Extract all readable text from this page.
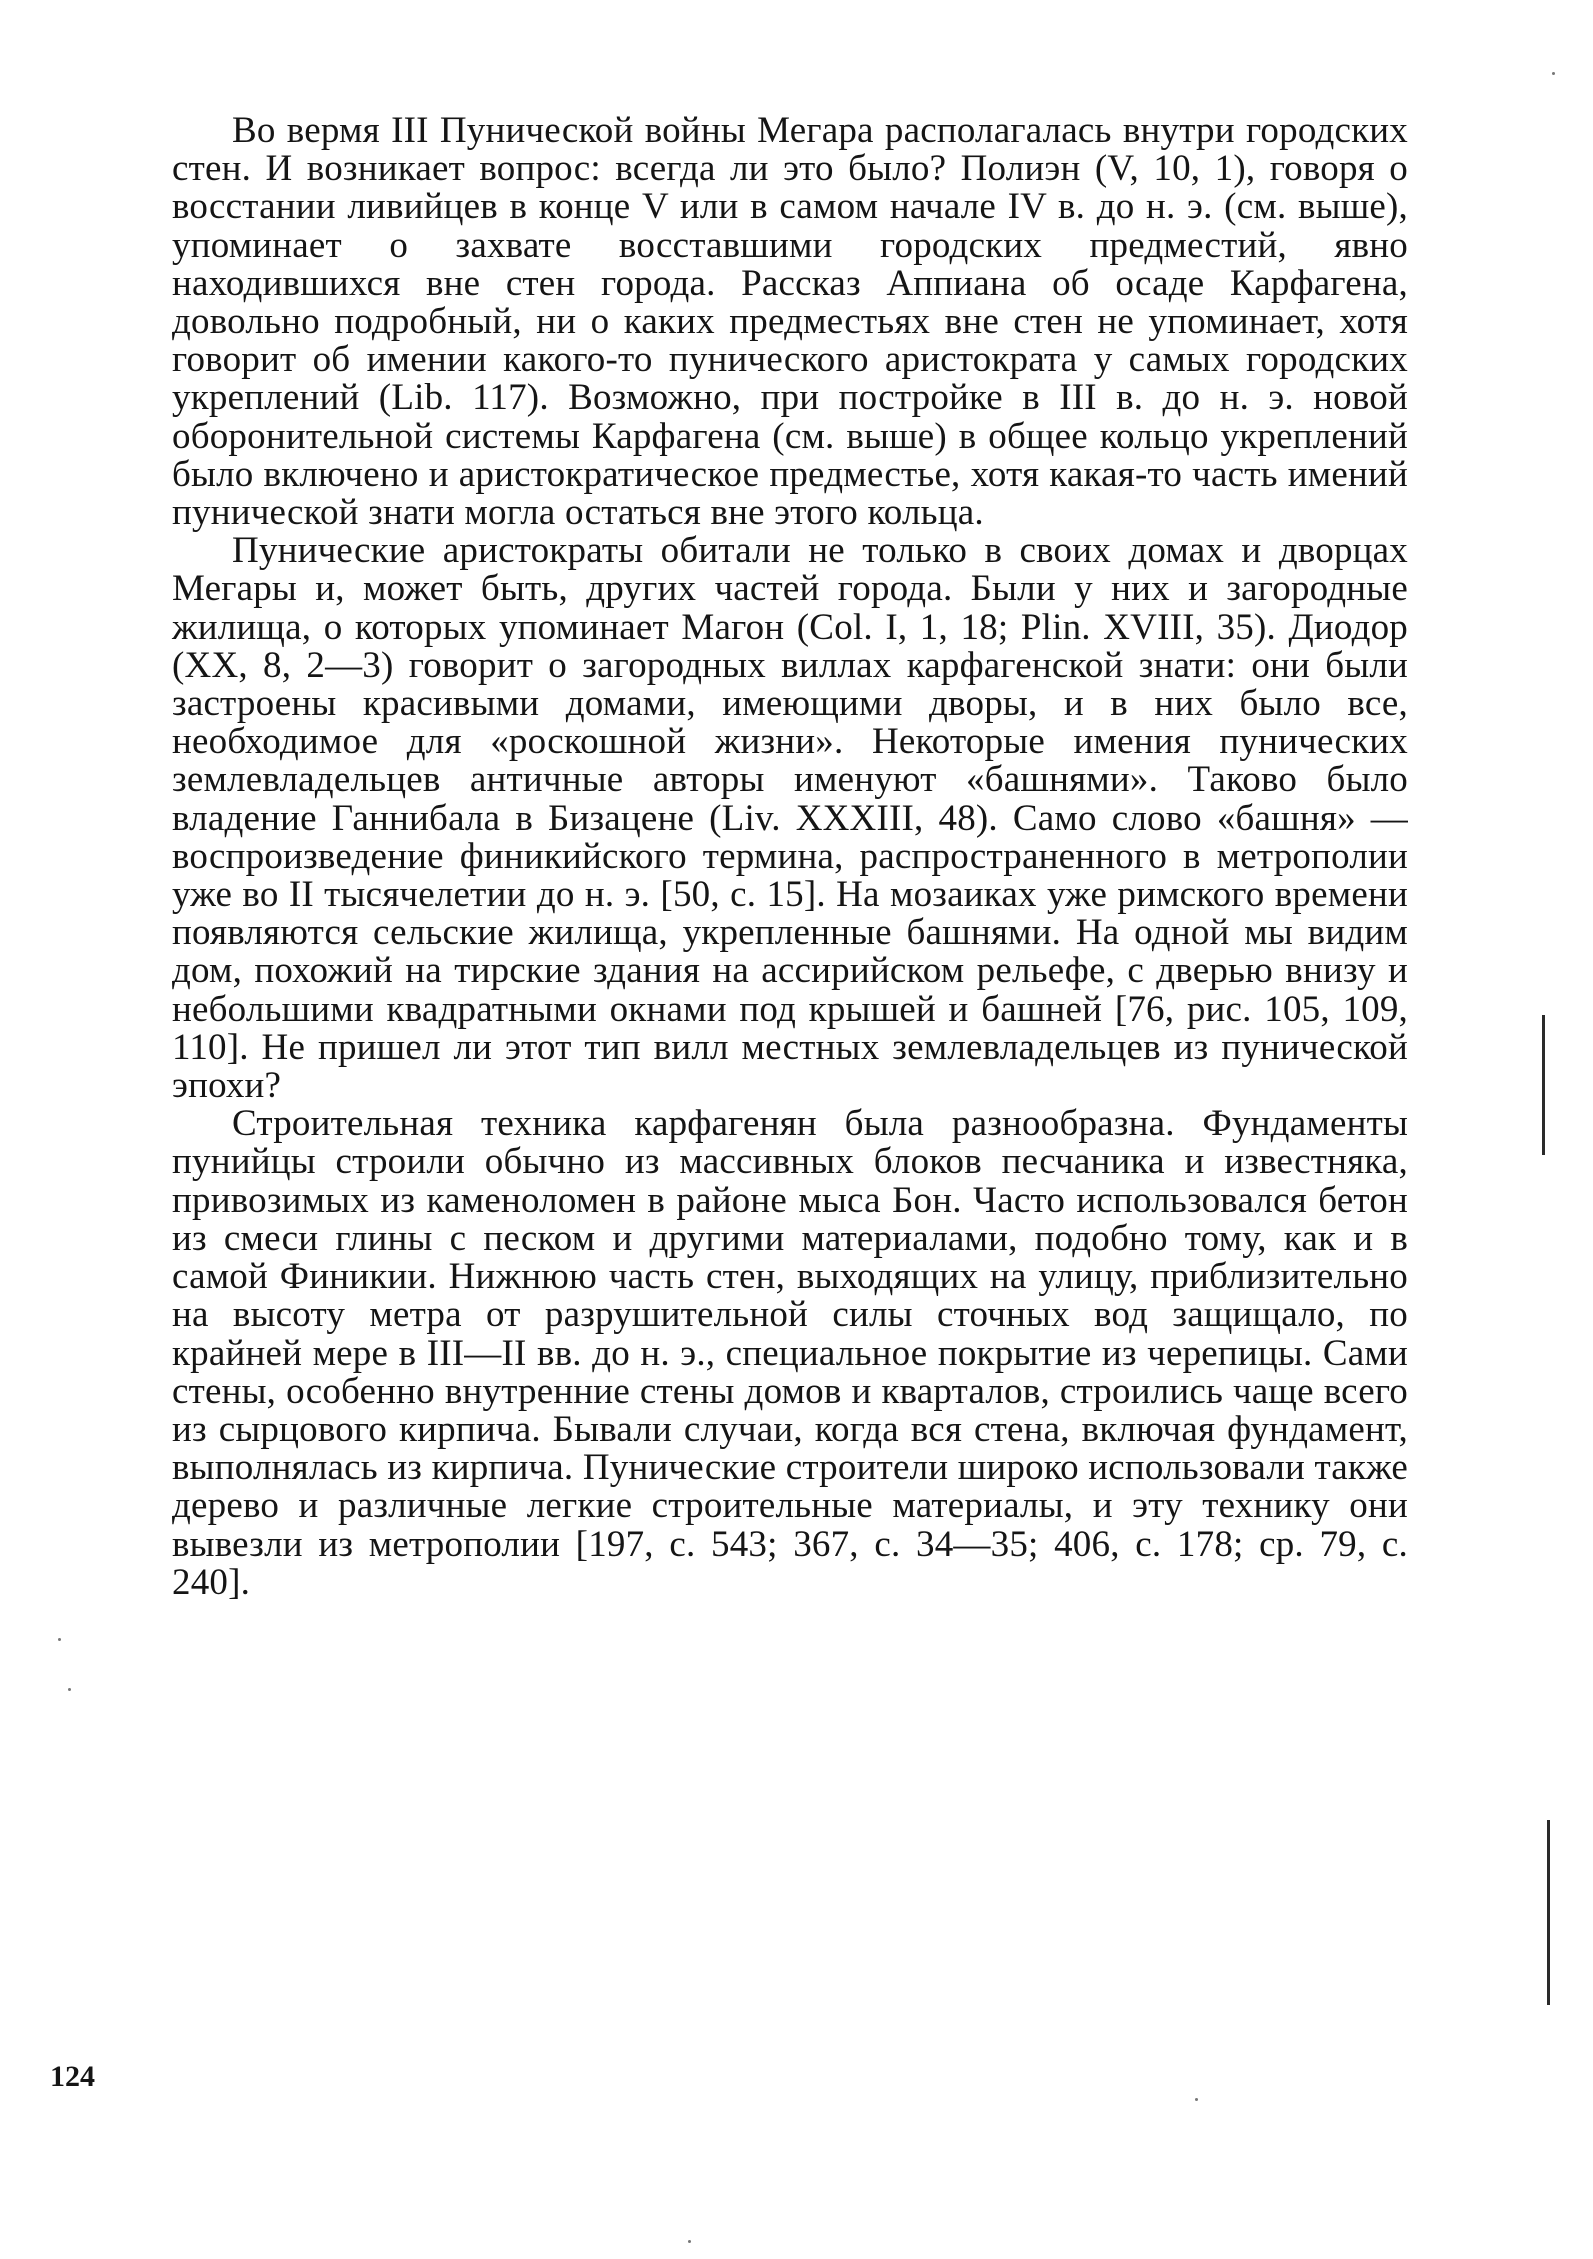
Во вермя III Пунической войны Мегара располагалась внутри городских стен. И возникает вопрос: всегда ли это было? Полиэн (V, 10, 1), говоря о восстании ливийцев в конце V или в самом начале IV в. до н. э. (см. выше), упоминает о захвате восставшими городских предместий, явно находившихся вне стен города. Рассказ Аппиана об осаде Карфагена, довольно подробный, ни о каких предместьях вне стен не упоминает, хотя говорит об имении какого-то пунического аристократа у самых городских укреплений (Lib. 117). Возможно, при постройке в III в. до н. э. новой оборонительной системы Карфагена (см. выше) в общее кольцо укреплений было включено и аристократическое предместье, хотя какая-то часть имений пунической знати могла остаться вне этого кольца.

Пунические аристократы обитали не только в своих домах и дворцах Мегары и, может быть, других частей города. Были у них и загородные жилища, о которых упоминает Магон (Col. I, 1, 18; Plin. XVIII, 35). Диодор (XX, 8, 2—3) говорит о загородных виллах карфагенской знати: они были застроены красивыми домами, имеющими дворы, и в них было все, необходимое для «роскошной жизни». Некоторые имения пунических землевладельцев античные авторы именуют «башнями». Таково было владение Ганнибала в Бизацене (Liv. XXXIII, 48). Само слово «башня» — воспроизведение финикийского термина, распространенного в метрополии уже во II тысячелетии до н. э. [50, с. 15]. На мозаиках уже римского времени появляются сельские жилища, укрепленные башнями. На одной мы видим дом, похожий на тирские здания на ассирийском рельефе, с дверью внизу и небольшими квадратными окнами под крышей и башней [76, рис. 105, 109, 110]. Не пришел ли этот тип вилл местных землевладельцев из пунической эпохи?

Строительная техника карфагенян была разнообразна. Фундаменты пунийцы строили обычно из массивных блоков песчаника и известняка, привозимых из каменоломен в районе мыса Бон. Часто использовался бетон из смеси глины с песком и другими материалами, подобно тому, как и в самой Финикии. Нижнюю часть стен, выходящих на улицу, приблизительно на высоту метра от разрушительной силы сточных вод защищало, по крайней мере в III—II вв. до н. э., специальное покрытие из черепицы. Сами стены, особенно внутренние стены домов и кварталов, строились чаще всего из сырцового кирпича. Бывали случаи, когда вся стена, включая фундамент, выполнялась из кирпича. Пунические строители широко использовали также дерево и различные легкие строительные материалы, и эту технику они вывезли из метрополии [197, с. 543; 367, с. 34—35; 406, с. 178; ср. 79, с. 240].

124
